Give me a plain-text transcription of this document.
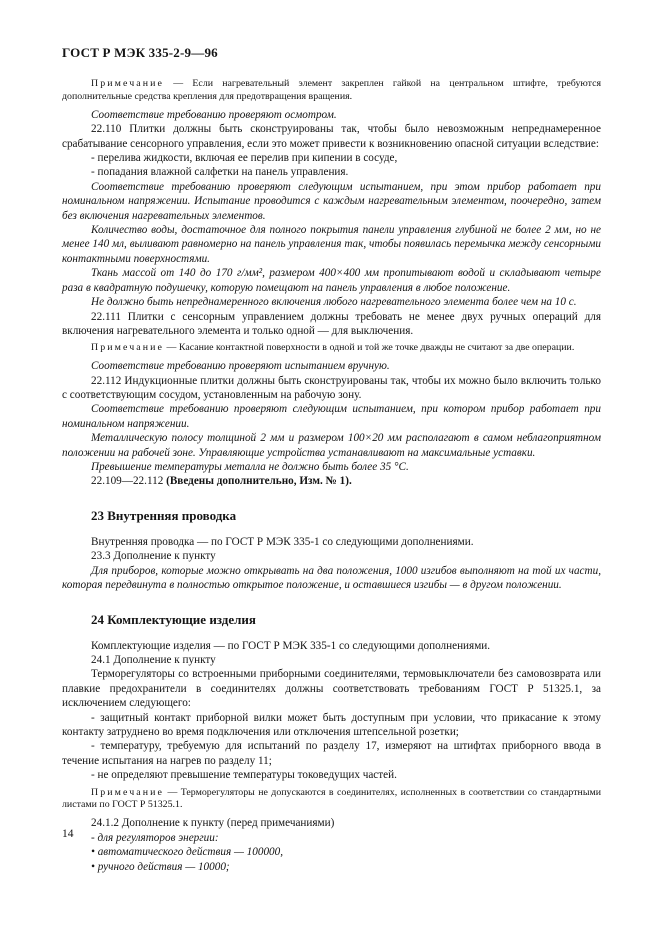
ГОСТ Р МЭК 335-2-9—96

Примечание — Если нагревательный элемент закреплен гайкой на центральном штифте, требуются дополнительные средства крепления для предотвращения вращения.

Соответствие требованию проверяют осмотром.

22.110 Плитки должны быть сконструированы так, чтобы было невозможным непреднамеренное срабатывание сенсорного управления, если это может привести к возникновению опасной ситуации вследствие:

- перелива жидкости, включая ее перелив при кипении в сосуде,

- попадания влажной салфетки на панель управления.

Соответствие требованию проверяют следующим испытанием, при этом прибор работает при номинальном напряжении. Испытание проводится с каждым нагревательным элементом, поочередно, затем без включения нагревательных элементов.

Количество воды, достаточное для полного покрытия панели управления глубиной не более 2 мм, но не менее 140 мл, выливают равномерно на панель управления так, чтобы появилась перемычка между сенсорными контактными поверхностями.

Ткань массой от 140 до 170 г/мм², размером 400×400 мм пропитывают водой и складывают четыре раза в квадратную подушечку, которую помещают на панель управления в любое положение.

Не должно быть непреднамеренного включения любого нагревательного элемента более чем на 10 с.

22.111 Плитки с сенсорным управлением должны требовать не менее двух ручных операций для включения нагревательного элемента и только одной — для выключения.

Примечание — Касание контактной поверхности в одной и той же точке дважды не считают за две операции.

Соответствие требованию проверяют испытанием вручную.

22.112 Индукционные плитки должны быть сконструированы так, чтобы их можно было включить только с соответствующим сосудом, установленным на рабочую зону.

Соответствие требованию проверяют следующим испытанием, при котором прибор работает при номинальном напряжении.

Металлическую полосу толщиной 2 мм и размером 100×20 мм располагают в самом неблагоприятном положении на рабочей зоне. Управляющие устройства устанавливают на максимальные уставки.

Превышение температуры металла не должно быть более 35 °С.

22.109—22.112 (Введены дополнительно, Изм. № 1).

23 Внутренняя проводка

Внутренняя проводка — по ГОСТ Р МЭК 335-1 со следующими дополнениями.

23.3 Дополнение к пункту

Для приборов, которые можно открывать на два положения, 1000 изгибов выполняют на той их части, которая передвинута в полностью открытое положение, и оставшиеся изгибы — в другом положении.

24 Комплектующие изделия

Комплектующие изделия — по ГОСТ Р МЭК 335-1 со следующими дополнениями.

24.1 Дополнение к пункту

Терморегуляторы со встроенными приборными соединителями, термовыключатели без самовозврата или плавкие предохранители в соединителях должны соответствовать требованиям ГОСТ Р 51325.1, за исключением следующего:

- защитный контакт приборной вилки может быть доступным при условии, что прикасание к этому контакту затруднено во время подключения или отключения штепсельной розетки;

- температуру, требуемую для испытаний по разделу 17, измеряют на штифтах приборного ввода в течение испытания на нагрев по разделу 11;

- не определяют превышение температуры токоведущих частей.

Примечание — Терморегуляторы не допускаются в соединителях, исполненных в соответствии со стандартными листами по ГОСТ Р 51325.1.

24.1.2 Дополнение к пункту (перед примечаниями)

- для регуляторов энергии:

• автоматического действия — 100000,

• ручного действия — 10000;

14
